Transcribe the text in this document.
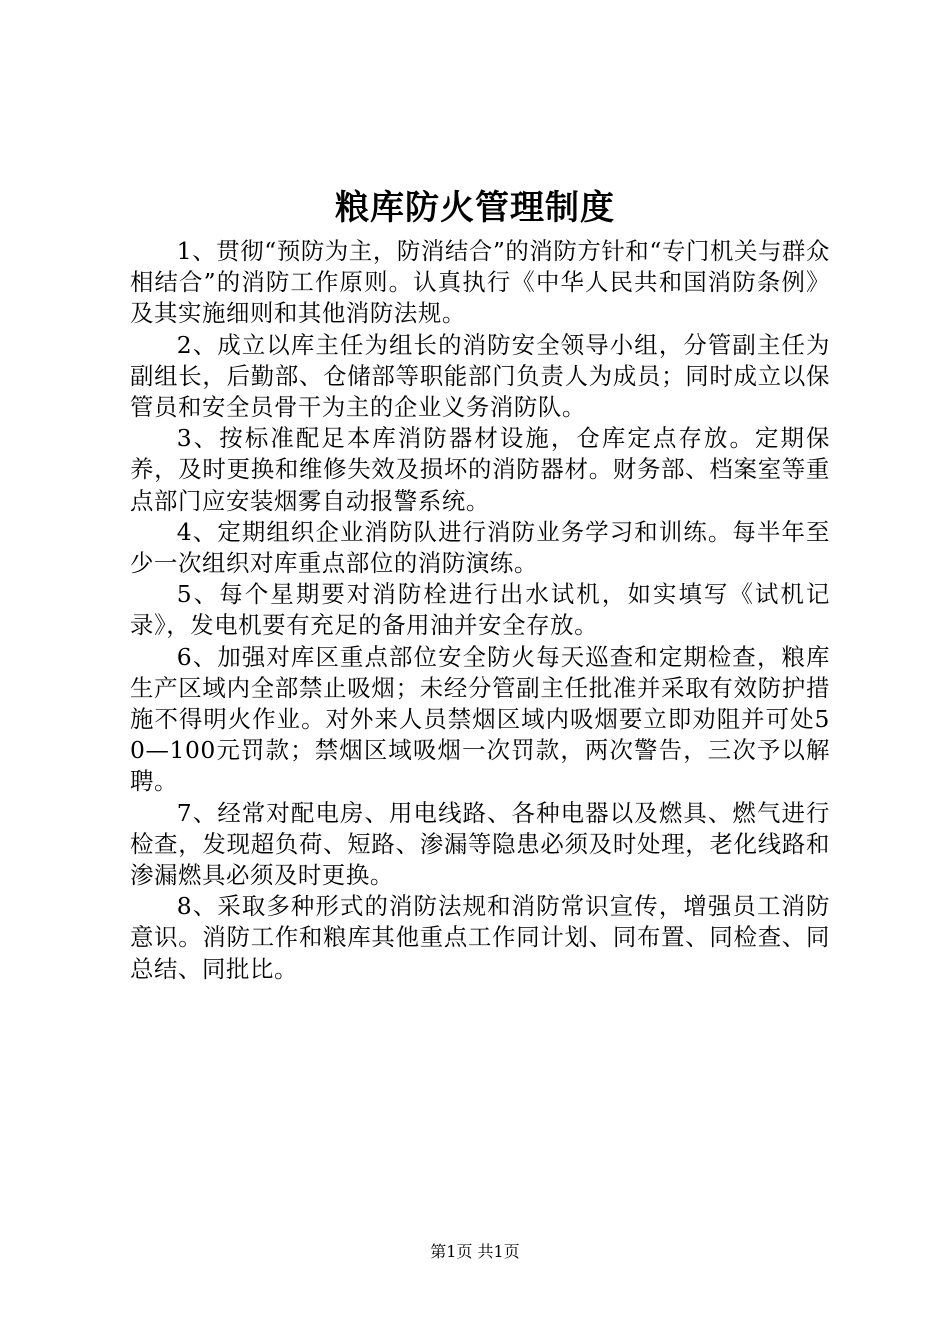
粮库防火管理制度

1、贯彻“预防为主，防消结合”的消防方针和“专门机关与群众相结合”的消防工作原则。认真执行《中华人民共和国消防条例》及其实施细则和其他消防法规。

2、成立以库主任为组长的消防安全领导小组，分管副主任为副组长，后勤部、仓储部等职能部门负责人为成员；同时成立以保管员和安全员骨干为主的企业义务消防队。

3、按标准配足本库消防器材设施，仓库定点存放。定期保养，及时更换和维修失效及损坏的消防器材。财务部、档案室等重点部门应安装烟雾自动报警系统。

4、定期组织企业消防队进行消防业务学习和训练。每半年至少一次组织对库重点部位的消防演练。

5、每个星期要对消防栓进行出水试机，如实填写《试机记录》，发电机要有充足的备用油并安全存放。

6、加强对库区重点部位安全防火每天巡查和定期检查，粮库生产区域内全部禁止吸烟；未经分管副主任批准并采取有效防护措施不得明火作业。对外来人员禁烟区域内吸烟要立即劝阻并可处50—100元罚款；禁烟区域吸烟一次罚款，两次警告，三次予以解聘。

7、经常对配电房、用电线路、各种电器以及燃具、燃气进行检查，发现超负荷、短路、渗漏等隐患必须及时处理，老化线路和渗漏燃具必须及时更换。

8、采取多种形式的消防法规和消防常识宣传，增强员工消防意识。消防工作和粮库其他重点工作同计划、同布置、同检查、同总结、同批比。

第1页 共1页
